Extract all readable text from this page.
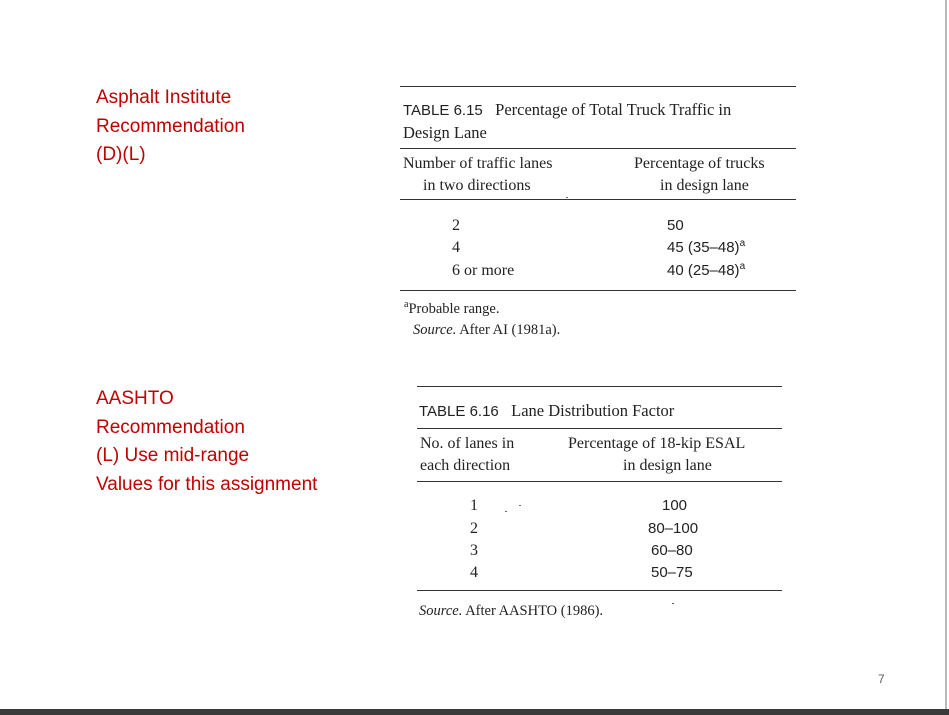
Asphalt Institute
Recommendation
(D)(L)
AASHTO
Recommendation
(L) Use mid-range
Values for this assignment
TABLE 6.15 Percentage of Total Truck Traffic in
Design Lane
Number of traffic lanes
in two directions
Percentage of trucks
in design lane
2
4
6 or more
50
45 $(35-48)^a$
40 $(25-48)^a$
$^a$Probable range.
Source. After AI (1981a).
TABLE 6.16 Lane Distribution Factor
No. of lanes in
each direction
Percentage of 18-kip ESAL
in design lane
1
2
3
4
100
80–100
60–80
50–75
Source. After AASHTO (1986).
7
